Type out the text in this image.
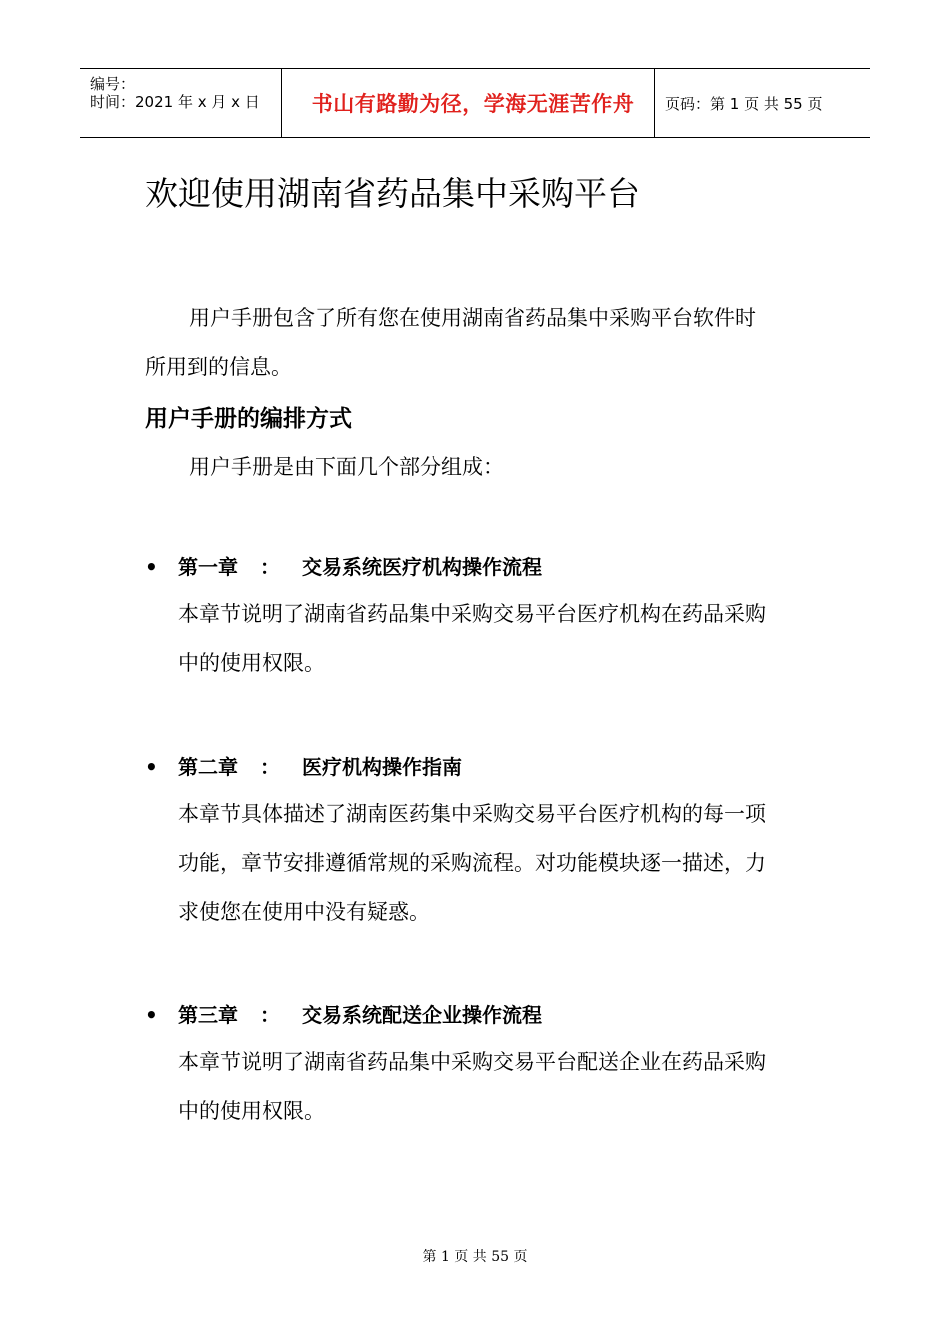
编号：
时间：2021 年 x 月 x 日 书山有路勤为径，学海无涯苦作舟 页码：第 1 页 共 55 页
欢迎使用湖南省药品集中采购平台
用户手册包含了所有您在使用湖南省药品集中采购平台软件时
所用到的信息。
用户手册的编排方式
用户手册是由下面几个部分组成：
• 第一章 ： 交易系统医疗机构操作流程
本章节说明了湖南省药品集中采购交易平台医疗机构在药品采购
中的使用权限。
• 第二章 ： 医疗机构操作指南
本章节具体描述了湖南医药集中采购交易平台医疗机构的每一项
功能，章节安排遵循常规的采购流程。对功能模块逐一描述，力
求使您在使用中没有疑惑。
• 第三章 ： 交易系统配送企业操作流程
本章节说明了湖南省药品集中采购交易平台配送企业在药品采购
中的使用权限。
第 1 页 共 55 页
